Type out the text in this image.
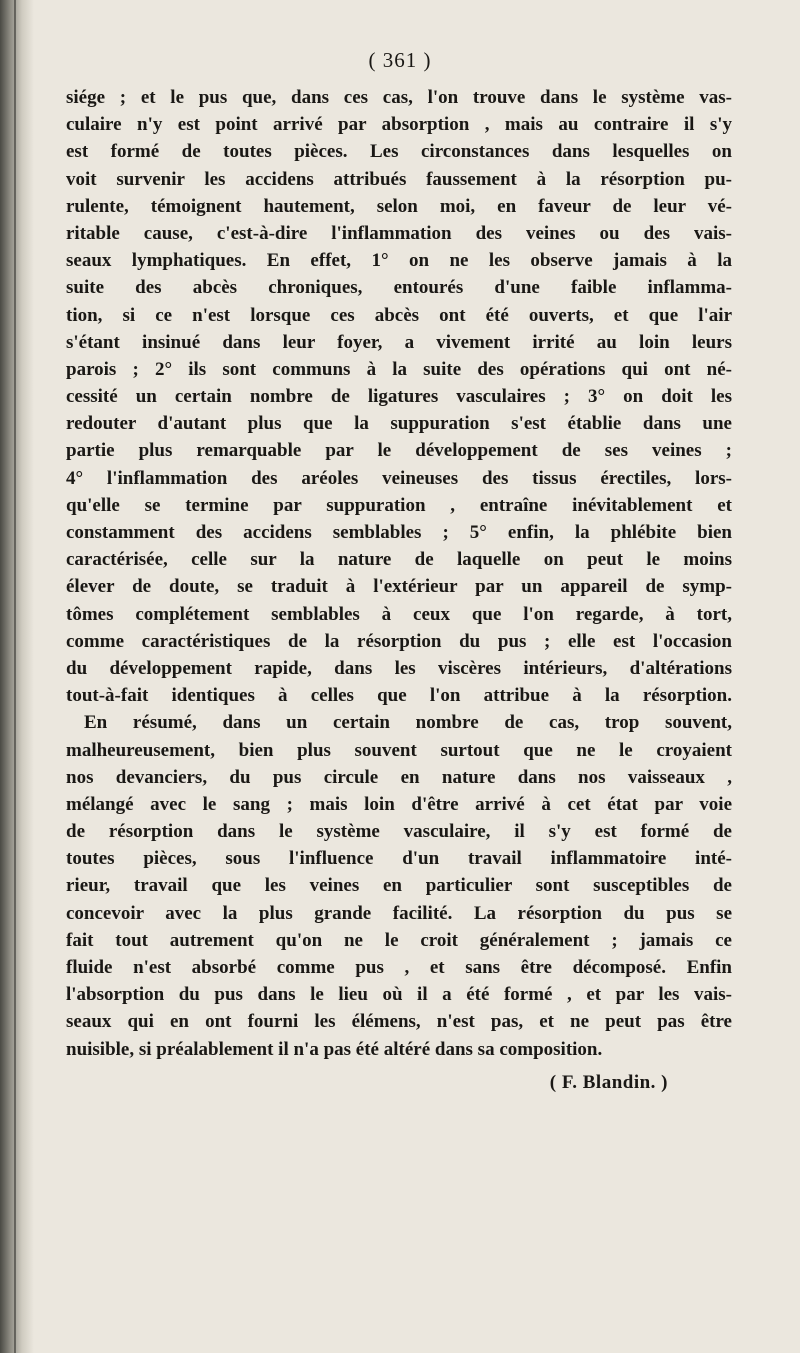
( 361 )
siége ; et le pus que, dans ces cas, l'on trouve dans le système vas-
culaire n'y est point arrivé par absorption , mais au contraire il s'y
est formé de toutes pièces. Les circonstances dans lesquelles on
voit survenir les accidens attribués faussement à la résorption pu-
rulente, témoignent hautement, selon moi, en faveur de leur vé-
ritable cause, c'est-à-dire l'inflammation des veines ou des vais-
seaux lymphatiques. En effet, 1° on ne les observe jamais à la
suite des abcès chroniques, entourés d'une faible inflamma-
tion, si ce n'est lorsque ces abcès ont été ouverts, et que l'air
s'étant insinué dans leur foyer, a vivement irrité au loin leurs
parois ; 2° ils sont communs à la suite des opérations qui ont né-
cessité un certain nombre de ligatures vasculaires ; 3° on doit les
redouter d'autant plus que la suppuration s'est établie dans une
partie plus remarquable par le développement de ses veines ;
4° l'inflammation des aréoles veineuses des tissus érectiles, lors-
qu'elle se termine par suppuration , entraîne inévitablement et
constamment des accidens semblables ; 5° enfin, la phlébite bien
caractérisée, celle sur la nature de laquelle on peut le moins
élever de doute, se traduit à l'extérieur par un appareil de symp-
tômes complétement semblables à ceux que l'on regarde, à tort,
comme caractéristiques de la résorption du pus ; elle est l'occasion
du développement rapide, dans les viscères intérieurs, d'altérations
tout-à-fait identiques à celles que l'on attribue à la résorption.
En résumé, dans un certain nombre de cas, trop souvent,
malheureusement, bien plus souvent surtout que ne le croyaient
nos devanciers, du pus circule en nature dans nos vaisseaux ,
mélangé avec le sang ; mais loin d'être arrivé à cet état par voie
de résorption dans le système vasculaire, il s'y est formé de
toutes pièces, sous l'influence d'un travail inflammatoire inté-
rieur, travail que les veines en particulier sont susceptibles de
concevoir avec la plus grande facilité. La résorption du pus se
fait tout autrement qu'on ne le croit généralement ; jamais ce
fluide n'est absorbé comme pus , et sans être décomposé. Enfin
l'absorption du pus dans le lieu où il a été formé , et par les vais-
seaux qui en ont fourni les élémens, n'est pas, et ne peut pas être
nuisible, si préalablement il n'a pas été altéré dans sa composition.
( F. Blandin. )
